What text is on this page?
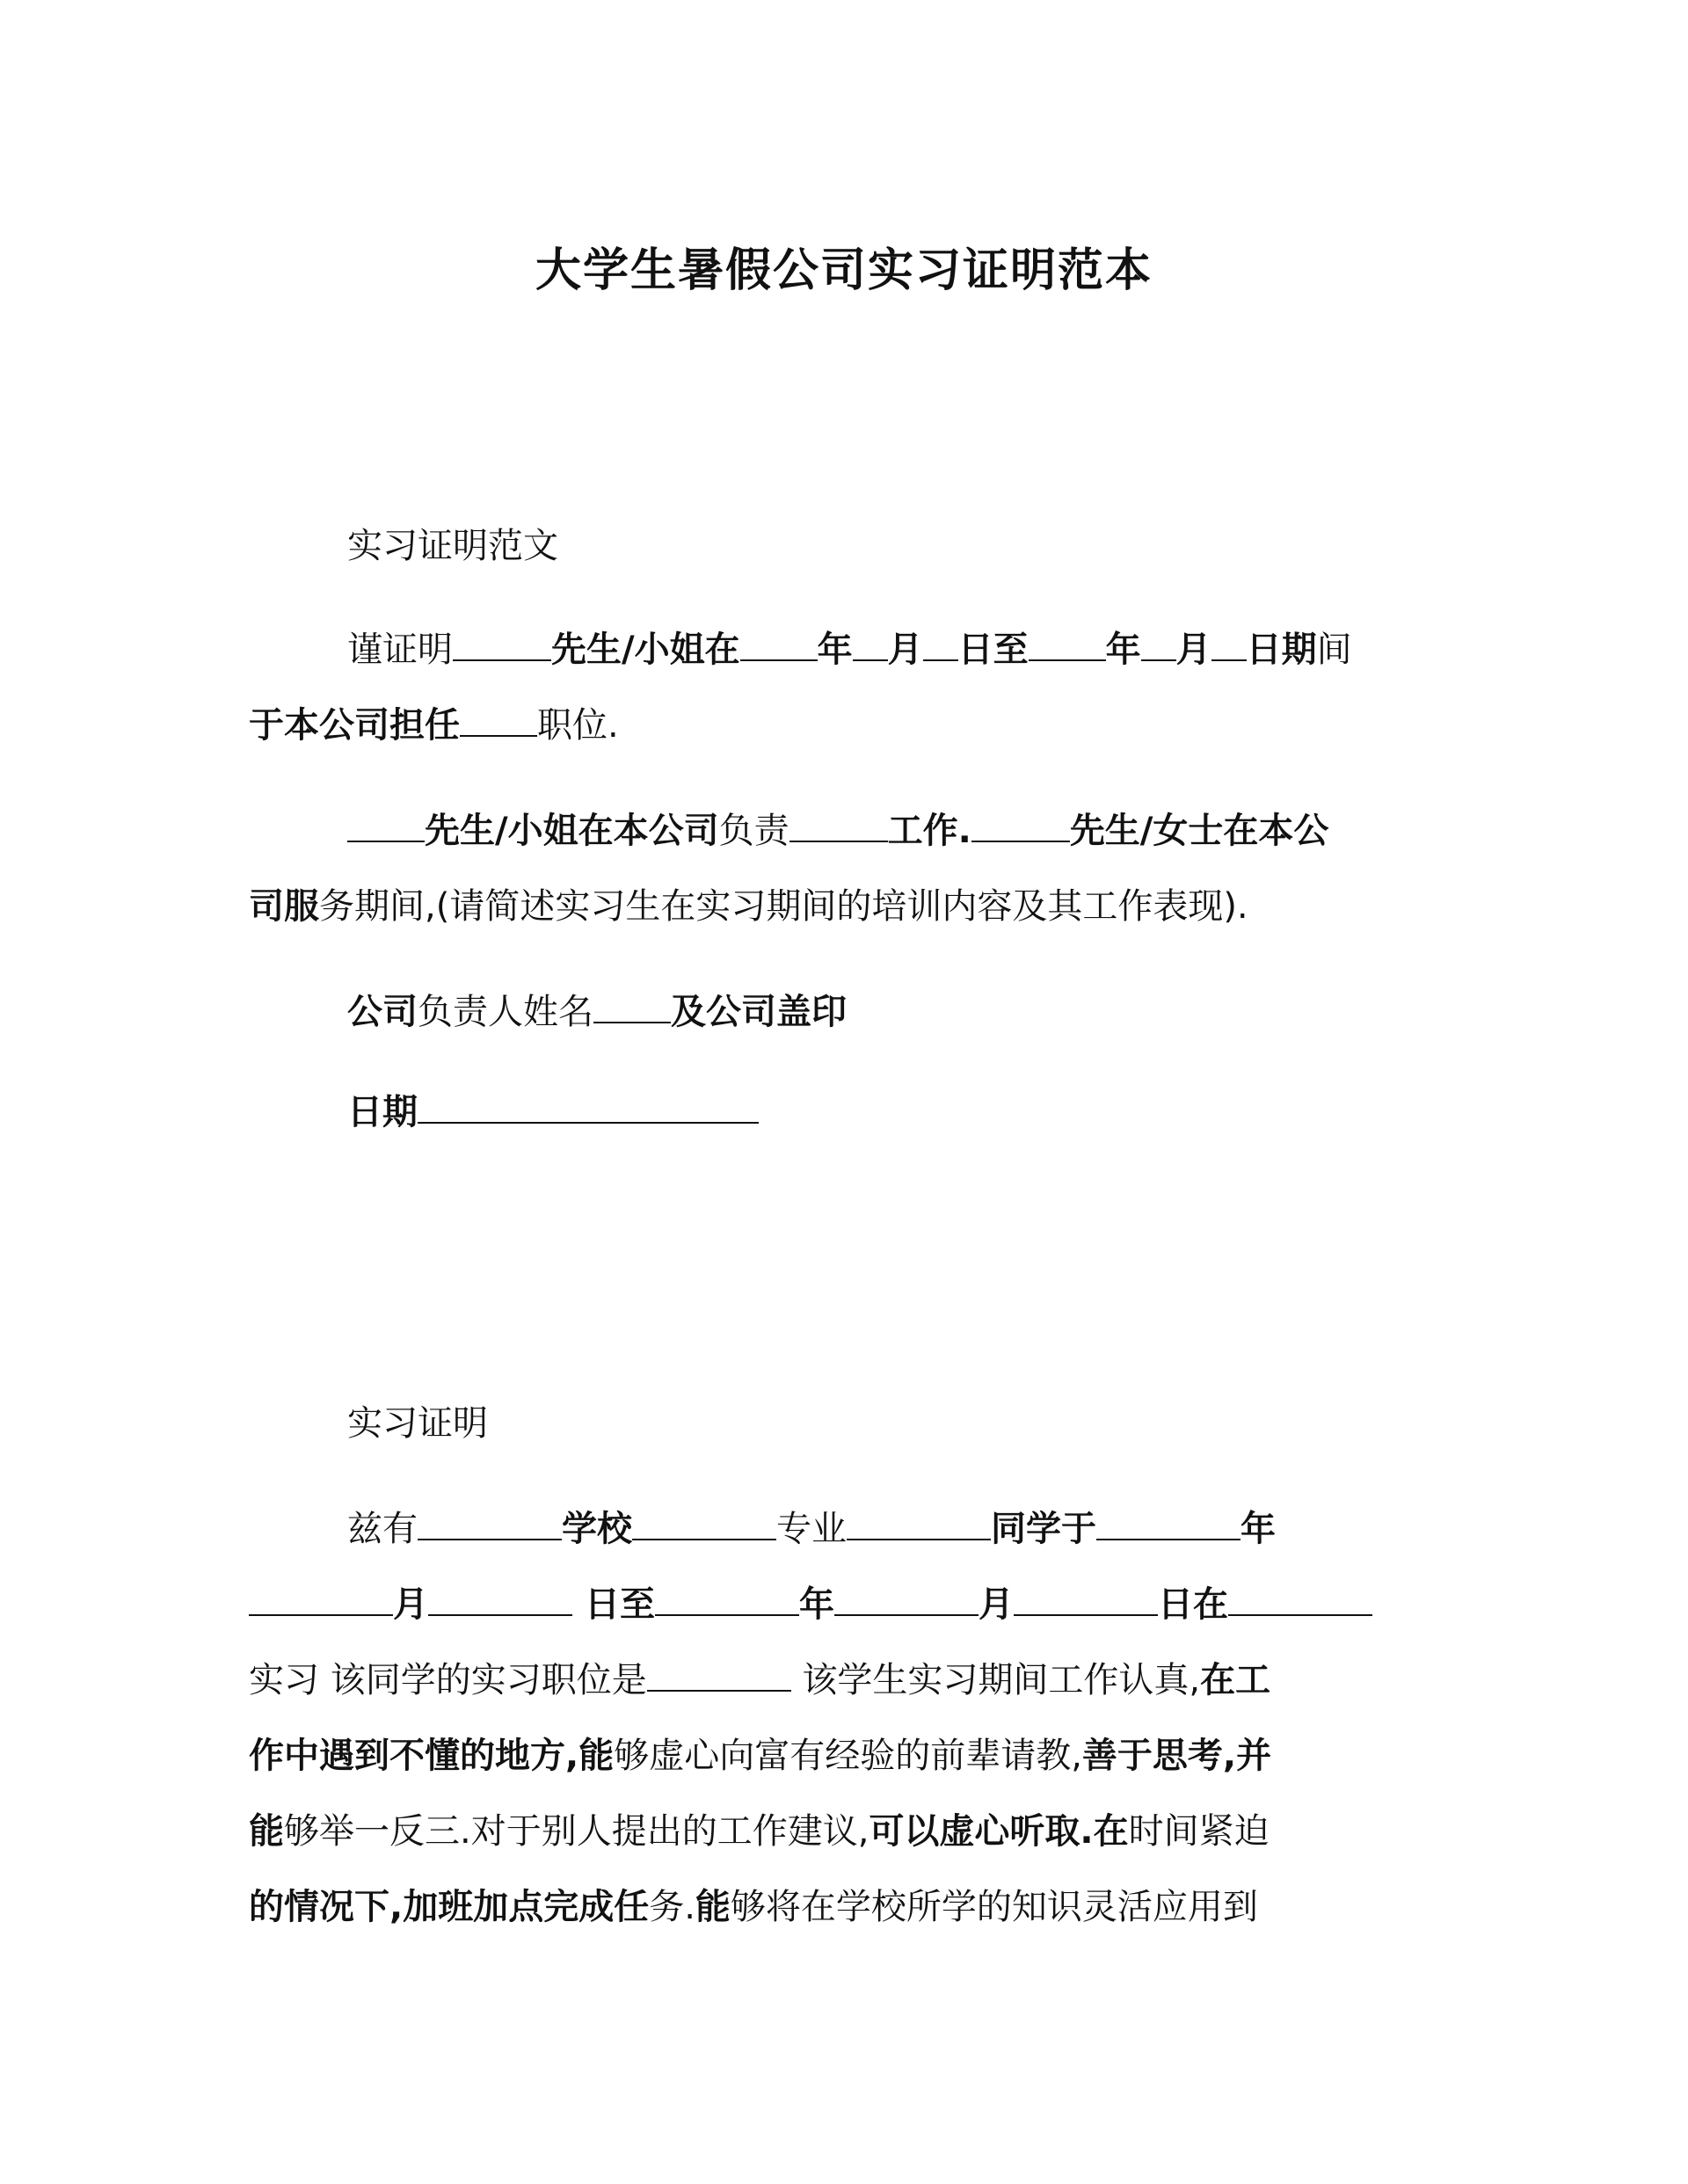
大学生暑假公司实习证明范本

实习证明范文

谨证明	先生/小姐在 年 月 日至 年 月 日期间
于本公司担任 职位.

先生/小姐在本公司负责	工作.	先生/女士在本公
司服务期间,(请简述实习生在实习期间的培训内容及其工作表现).

公司负责人姓名 及公司盖印

日期

实习证明

兹有	学校	专业	同学于	年
月	日至	年	月	日在
实习 该同学的实习职位是	该学生实习期间工作认真,在工
作中遇到不懂的地方,能够虚心向富有经验的前辈请教,善于思考,并
能够举一反三.对于别人提出的工作建议,可以虚心听取.在时间紧迫
的情况下,加班加点完成任务.能够将在学校所学的知识灵活应用到
